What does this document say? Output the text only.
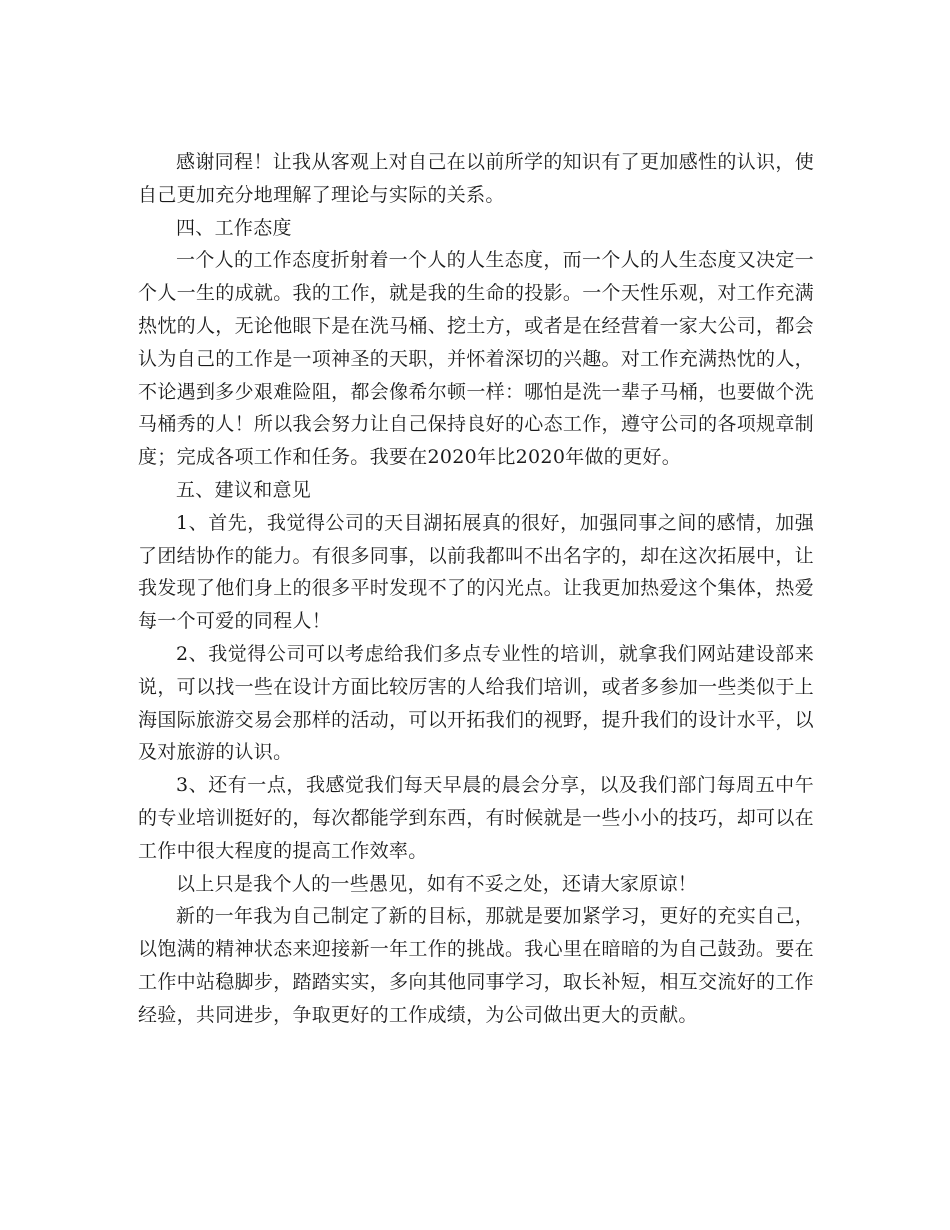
感谢同程！让我从客观上对自己在以前所学的知识有了更加感性的认识，使自己更加充分地理解了理论与实际的关系。

四、工作态度

一个人的工作态度折射着一个人的人生态度，而一个人的人生态度又决定一个人一生的成就。我的工作，就是我的生命的投影。一个天性乐观，对工作充满热忱的人，无论他眼下是在洗马桶、挖土方，或者是在经营着一家大公司，都会认为自己的工作是一项神圣的天职，并怀着深切的兴趣。对工作充满热忱的人，不论遇到多少艰难险阻，都会像希尔顿一样：哪怕是洗一辈子马桶，也要做个洗马桶秀的人！所以我会努力让自己保持良好的心态工作，遵守公司的各项规章制度；完成各项工作和任务。我要在2020年比2020年做的更好。

五、建议和意见

1、首先，我觉得公司的天目湖拓展真的很好，加强同事之间的感情，加强了团结协作的能力。有很多同事，以前我都叫不出名字的，却在这次拓展中，让我发现了他们身上的很多平时发现不了的闪光点。让我更加热爱这个集体，热爱每一个可爱的同程人！

2、我觉得公司可以考虑给我们多点专业性的培训，就拿我们网站建设部来说，可以找一些在设计方面比较厉害的人给我们培训，或者多参加一些类似于上海国际旅游交易会那样的活动，可以开拓我们的视野，提升我们的设计水平，以及对旅游的认识。

3、还有一点，我感觉我们每天早晨的晨会分享，以及我们部门每周五中午的专业培训挺好的，每次都能学到东西，有时候就是一些小小的技巧，却可以在工作中很大程度的提高工作效率。

以上只是我个人的一些愚见，如有不妥之处，还请大家原谅！

新的一年我为自己制定了新的目标，那就是要加紧学习，更好的充实自己，以饱满的精神状态来迎接新一年工作的挑战。我心里在暗暗的为自己鼓劲。要在工作中站稳脚步，踏踏实实，多向其他同事学习，取长补短，相互交流好的工作经验，共同进步，争取更好的工作成绩，为公司做出更大的贡献。
